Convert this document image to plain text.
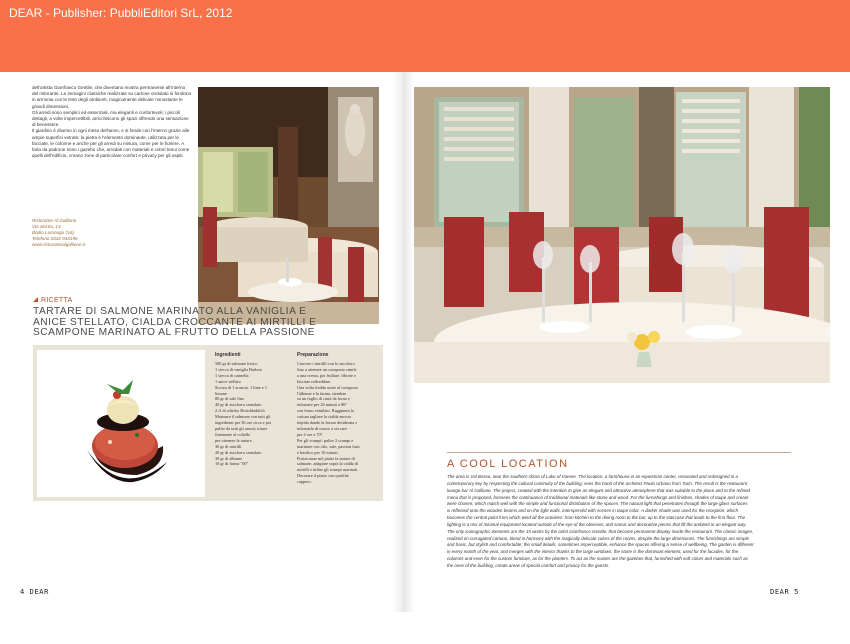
DEAR - Publisher: PubbliEditori SrL, 2012

dell'artista Gianfranco Gentile, che diventano mostra permanente all'interno del ristorante. Le immagini classiche realizzate su cartone ondulato si fondono in armonia con le tinte degli ambienti, magicamente delicate nonostante le grandi dimensioni.

Gli arredi sono semplici ed essenziali, ma eleganti e confortevoli; i piccoli dettagli, a volte impercettibili, arricchiscono gli spazi offrendo una sensazione di benessere.

Il giardino è diverso in ogni mese dell'anno, e si fonde con l'interno grazie alle ampie superfici vetrate; la pietra è l'elemento dominante, utilizzata per le facciate, le colonne e anche per gli arredi su misura, come per le fioriere. A farla da padrone sono i gazebo che, arredati con materiali e colori tenui come quelli dell'edificio, creano zone di particolare confort e privacy per gli ospiti.

Ristorante Al Gallione
Via Sciréa, 13
Bodio Lomnago (Va)
Telefono 0332 948196
www.ristorantealgallione.it
RICETTA
TARTARE DI SALMONE MARINATO ALLA VANIGLIA E
ANICE STELLATO, CIALDA CROCCANTE AI MIRTILLI E
SCAMPONE MARINATO AL FRUTTO DELLA PASSIONE
Ingredienti
500 gr di salmone fresco
1 stecca di vaniglia Barbon
1 stecca di cannella
1 anice stellato
Scorza di 1 arancia, 1 lime e 1
limone
80 gr di sale fino
40 gr di zucchero semolato
2 cl di whisky Bruichladdich
Marinare il salmone con tutti gli
ingredienti per 36 ore circa e poi
pulire da tutti gli aromi; tritare
finemente al coltello
per ottenere la tartare.
30 gr di mirtilli
20 gr di zucchero semolato
30 gr di albume
10 gr di farina "00"
Preparazione
Cuocere i mirtilli con lo zucchero
fino a ottenere un composto simile
a una crema, poi frullare, filtrare e
lasciare raffreddare.
Una volta freddo unire al composto
l'albume e la farina, stendere
su un foglio di carta da forno e
infornare per 20 minuti a 80°
con forno ventilato. Raggiunta la
cottura tagliare la cialda ancora
tiepida dando la forma desiderata e
infornarla di nuovo a seccare
per 4 ore a 70°.
Per gli scampi: pulire 2 scampi e
marinare con olio, sale, passion fruit
e basilico per 10 minuti.
Posizionare nel piatto la tartare di
salmone, adagiare sopra la cialda di
mirtilli e infine gli scampi marinati.
Decorare il piatto con qualche
cappero.
4 DEAR
A COOL LOCATION
The area is Val Bossa, near the southern shore of Lake of Varese. The location, a farmhouse in an equestrian center, renovated and redesigned in a
contemporary key by respecting the cultural continuity of the building, sees the hand of the architect Paolo Urbano from Turin. The result is the restaurant
lounge bar Al Gallione. The project, created with the intention to give an elegant and attractive atmosphere that was suitable to the place and to the refined
menu that is proposed, foresees the continuance of traditional materials like stone and wood. For the furnishings and finishes, shades of taupe and cream
were chosen, which match well with the simple and functional distribution of the spaces. The natural light that penetrates through the large glass surfaces
is reflected onto the wooden beams and on the light walls, intersperséd with scenes in taupe color. A darker shade was used for the reception, which
becomes the central point from which wind all the activities: from kitchen to the dining room to the bar, up to the staircase that leads to the first floor. The
lighting is a mix of minimal equipment located outside of the eye of the observer, and scenic and decorative pieces that fill the ambient in an elegant way.
The only iconographic elements are the 15 works by the artist Gianfranco Gentile, that become permanent display inside the restaurant. The classic images,
realized on corrugated cartoon, blend in harmony with the magically delicate colors of the rooms, despite the large dimensions. The furnishings are simple
and basic, but stylish and comfortable; the small details, sometimes imperceptible, enhance the spaces offering a sense of wellbeing. The garden is different
in every month of the year, and merges with the interior thanks to the large windows; the stone is the dominant element, used for the facades, for the
columns and even for the custom furniture, as for the planters. To act as the master are the gazebos that, furnished with soft colors and materials such as
the ones of the building, create areas of special comfort and privacy for the guests.
DEAR 5
